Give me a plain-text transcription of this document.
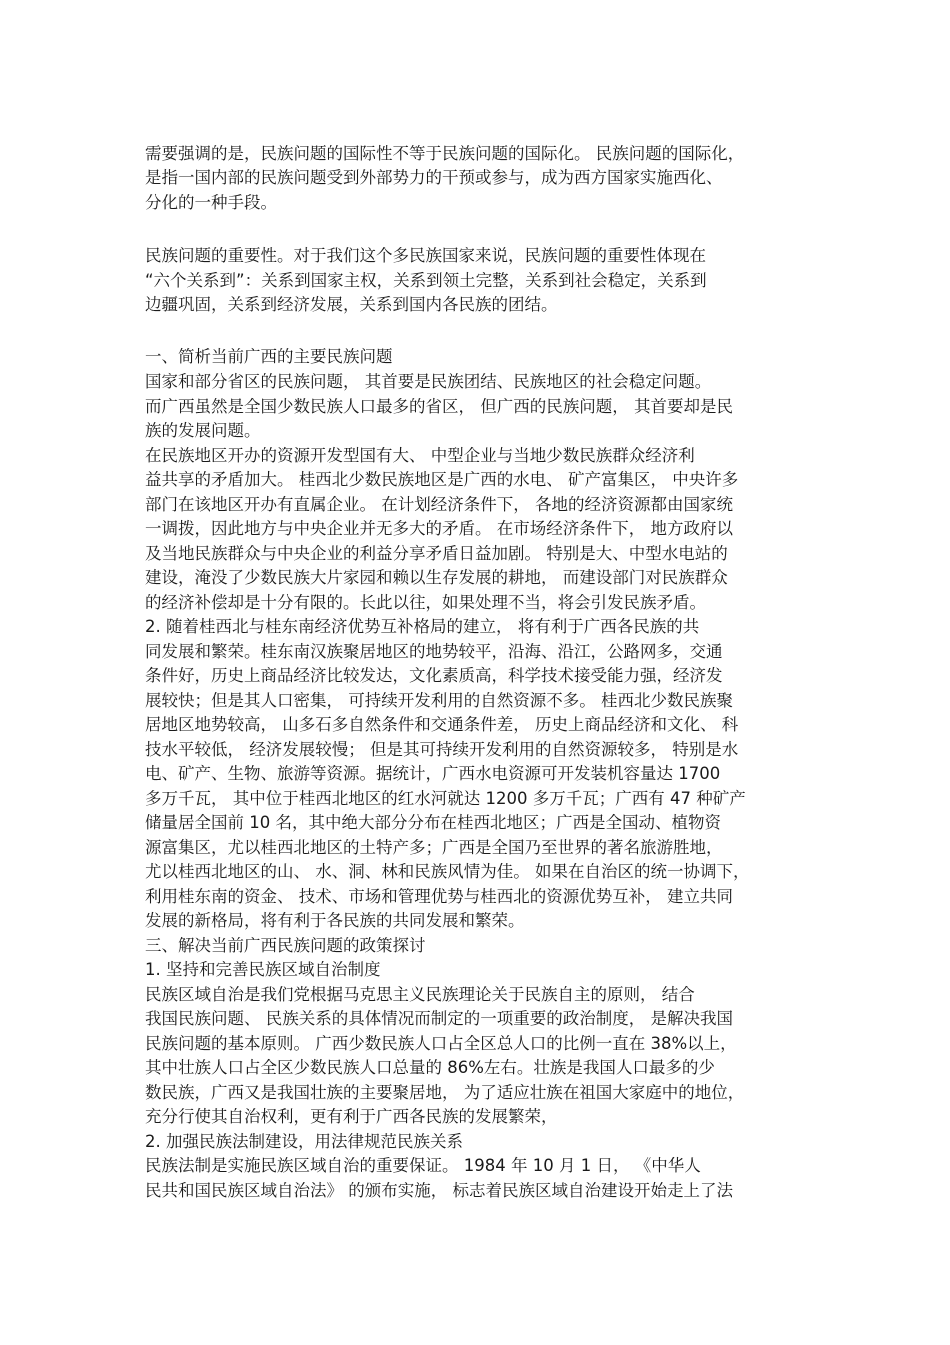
需要强调的是，民族问题的国际性不等于民族问题的国际化。 民族问题的国际化，
是指一国内部的民族问题受到外部势力的干预或参与，成为西方国家实施西化、
分化的一种手段。
民族问题的重要性。对于我们这个多民族国家来说，民族问题的重要性体现在
“六个关系到”：关系到国家主权，关系到领土完整，关系到社会稳定，关系到
边疆巩固，关系到经济发展，关系到国内各民族的团结。
一、简析当前广西的主要民族问题
国家和部分省区的民族问题， 其首要是民族团结、民族地区的社会稳定问题。
而广西虽然是全国少数民族人口最多的省区， 但广西的民族问题， 其首要却是民
族的发展问题。
在民族地区开办的资源开发型国有大、 中型企业与当地少数民族群众经济利
益共享的矛盾加大。 桂西北少数民族地区是广西的水电、 矿产富集区， 中央许多
部门在该地区开办有直属企业。 在计划经济条件下， 各地的经济资源都由国家统
一调拨，因此地方与中央企业并无多大的矛盾。 在市场经济条件下， 地方政府以
及当地民族群众与中央企业的利益分享矛盾日益加剧。 特别是大、中型水电站的
建设，淹没了少数民族大片家园和赖以生存发展的耕地， 而建设部门对民族群众
的经济补偿却是十分有限的。长此以往，如果处理不当，将会引发民族矛盾。
2. 随着桂西北与桂东南经济优势互补格局的建立， 将有利于广西各民族的共
同发展和繁荣。桂东南汉族聚居地区的地势较平，沿海、沿江，公路网多，交通
条件好，历史上商品经济比较发达，文化素质高，科学技术接受能力强，经济发
展较快；但是其人口密集， 可持续开发利用的自然资源不多。 桂西北少数民族聚
居地区地势较高， 山多石多自然条件和交通条件差， 历史上商品经济和文化、 科
技水平较低， 经济发展较慢； 但是其可持续开发利用的自然资源较多， 特别是水
电、矿产、生物、旅游等资源。据统计，广西水电资源可开发装机容量达 1700
多万千瓦， 其中位于桂西北地区的红水河就达 1200 多万千瓦；广西有 47 种矿产
储量居全国前 10 名，其中绝大部分分布在桂西北地区；广西是全国动、植物资
源富集区，尤以桂西北地区的土特产多；广西是全国乃至世界的著名旅游胜地，
尤以桂西北地区的山、 水、洞、林和民族风情为佳。 如果在自治区的统一协调下，
利用桂东南的资金、 技术、市场和管理优势与桂西北的资源优势互补， 建立共同
发展的新格局，将有利于各民族的共同发展和繁荣。
三、解决当前广西民族问题的政策探讨
1. 坚持和完善民族区域自治制度
民族区域自治是我们党根据马克思主义民族理论关于民族自主的原则， 结合
我国民族问题、 民族关系的具体情况而制定的一项重要的政治制度， 是解决我国
民族问题的基本原则。 广西少数民族人口占全区总人口的比例一直在 38%以上，
其中壮族人口占全区少数民族人口总量的 86%左右。壮族是我国人口最多的少
数民族，广西又是我国壮族的主要聚居地， 为了适应壮族在祖国大家庭中的地位，
充分行使其自治权利，更有利于广西各民族的发展繁荣，
2. 加强民族法制建设，用法律规范民族关系
民族法制是实施民族区域自治的重要保证。 1984 年 10 月 1 日， 《中华人
民共和国民族区域自治法》 的颁布实施， 标志着民族区域自治建设开始走上了法
